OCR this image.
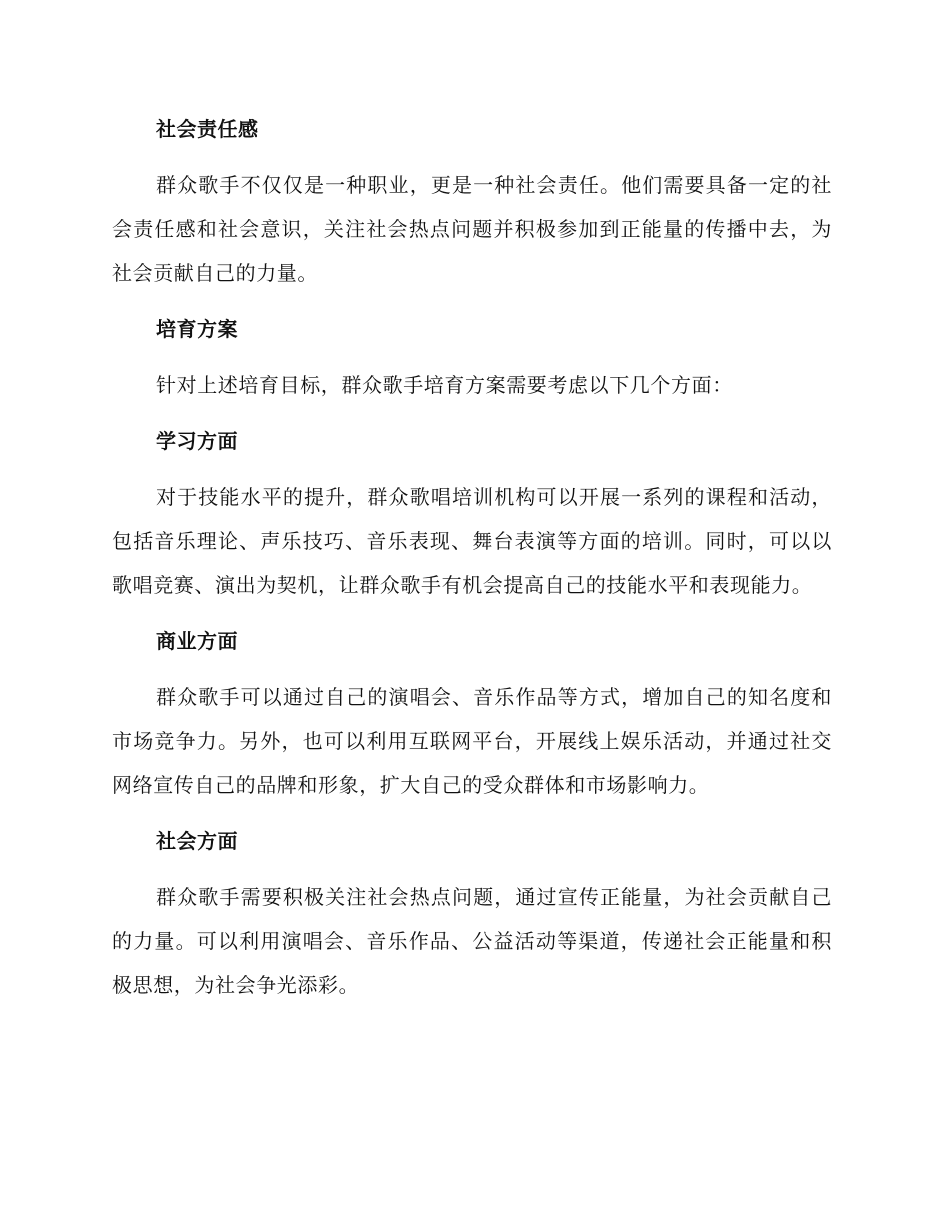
社会责任感

群众歌手不仅仅是一种职业，更是一种社会责任。他们需要具备一定的社会责任感和社会意识，关注社会热点问题并积极参加到正能量的传播中去，为社会贡献自己的力量。

培育方案

针对上述培育目标，群众歌手培育方案需要考虑以下几个方面：

学习方面

对于技能水平的提升，群众歌唱培训机构可以开展一系列的课程和活动，包括音乐理论、声乐技巧、音乐表现、舞台表演等方面的培训。同时，可以以歌唱竞赛、演出为契机，让群众歌手有机会提高自己的技能水平和表现能力。

商业方面

群众歌手可以通过自己的演唱会、音乐作品等方式，增加自己的知名度和市场竞争力。另外，也可以利用互联网平台，开展线上娱乐活动，并通过社交网络宣传自己的品牌和形象，扩大自己的受众群体和市场影响力。

社会方面

群众歌手需要积极关注社会热点问题，通过宣传正能量，为社会贡献自己的力量。可以利用演唱会、音乐作品、公益活动等渠道，传递社会正能量和积极思想，为社会争光添彩。
